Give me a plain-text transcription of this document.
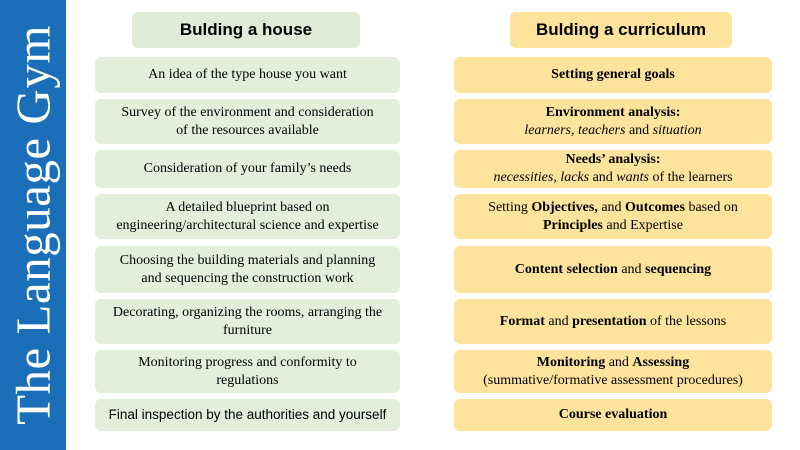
The Language Gym	Bulding a house	Bulding a curriculum
An idea of the type house you want
Survey of the environment and consideration
of the resources available
Consideration of your family’s needs
A detailed blueprint based on
engineering/architectural science and expertise
Choosing the building materials and planning
and sequencing the construction work
Decorating, organizing the rooms, arranging the
furniture
Monitoring progress and conformity to
regulations
Final inspection by the authorities and yourself
Setting general goals
Environment analysis:
learners, teachers and situation
Needs’ analysis:
necessities, lacks and wants of the learners
Setting Objectives, and Outcomes based on
Principles and Expertise
Content selection and sequencing
Format and presentation of the lessons
Monitoring and Assessing
(summative/formative assessment procedures)
Course evaluation
